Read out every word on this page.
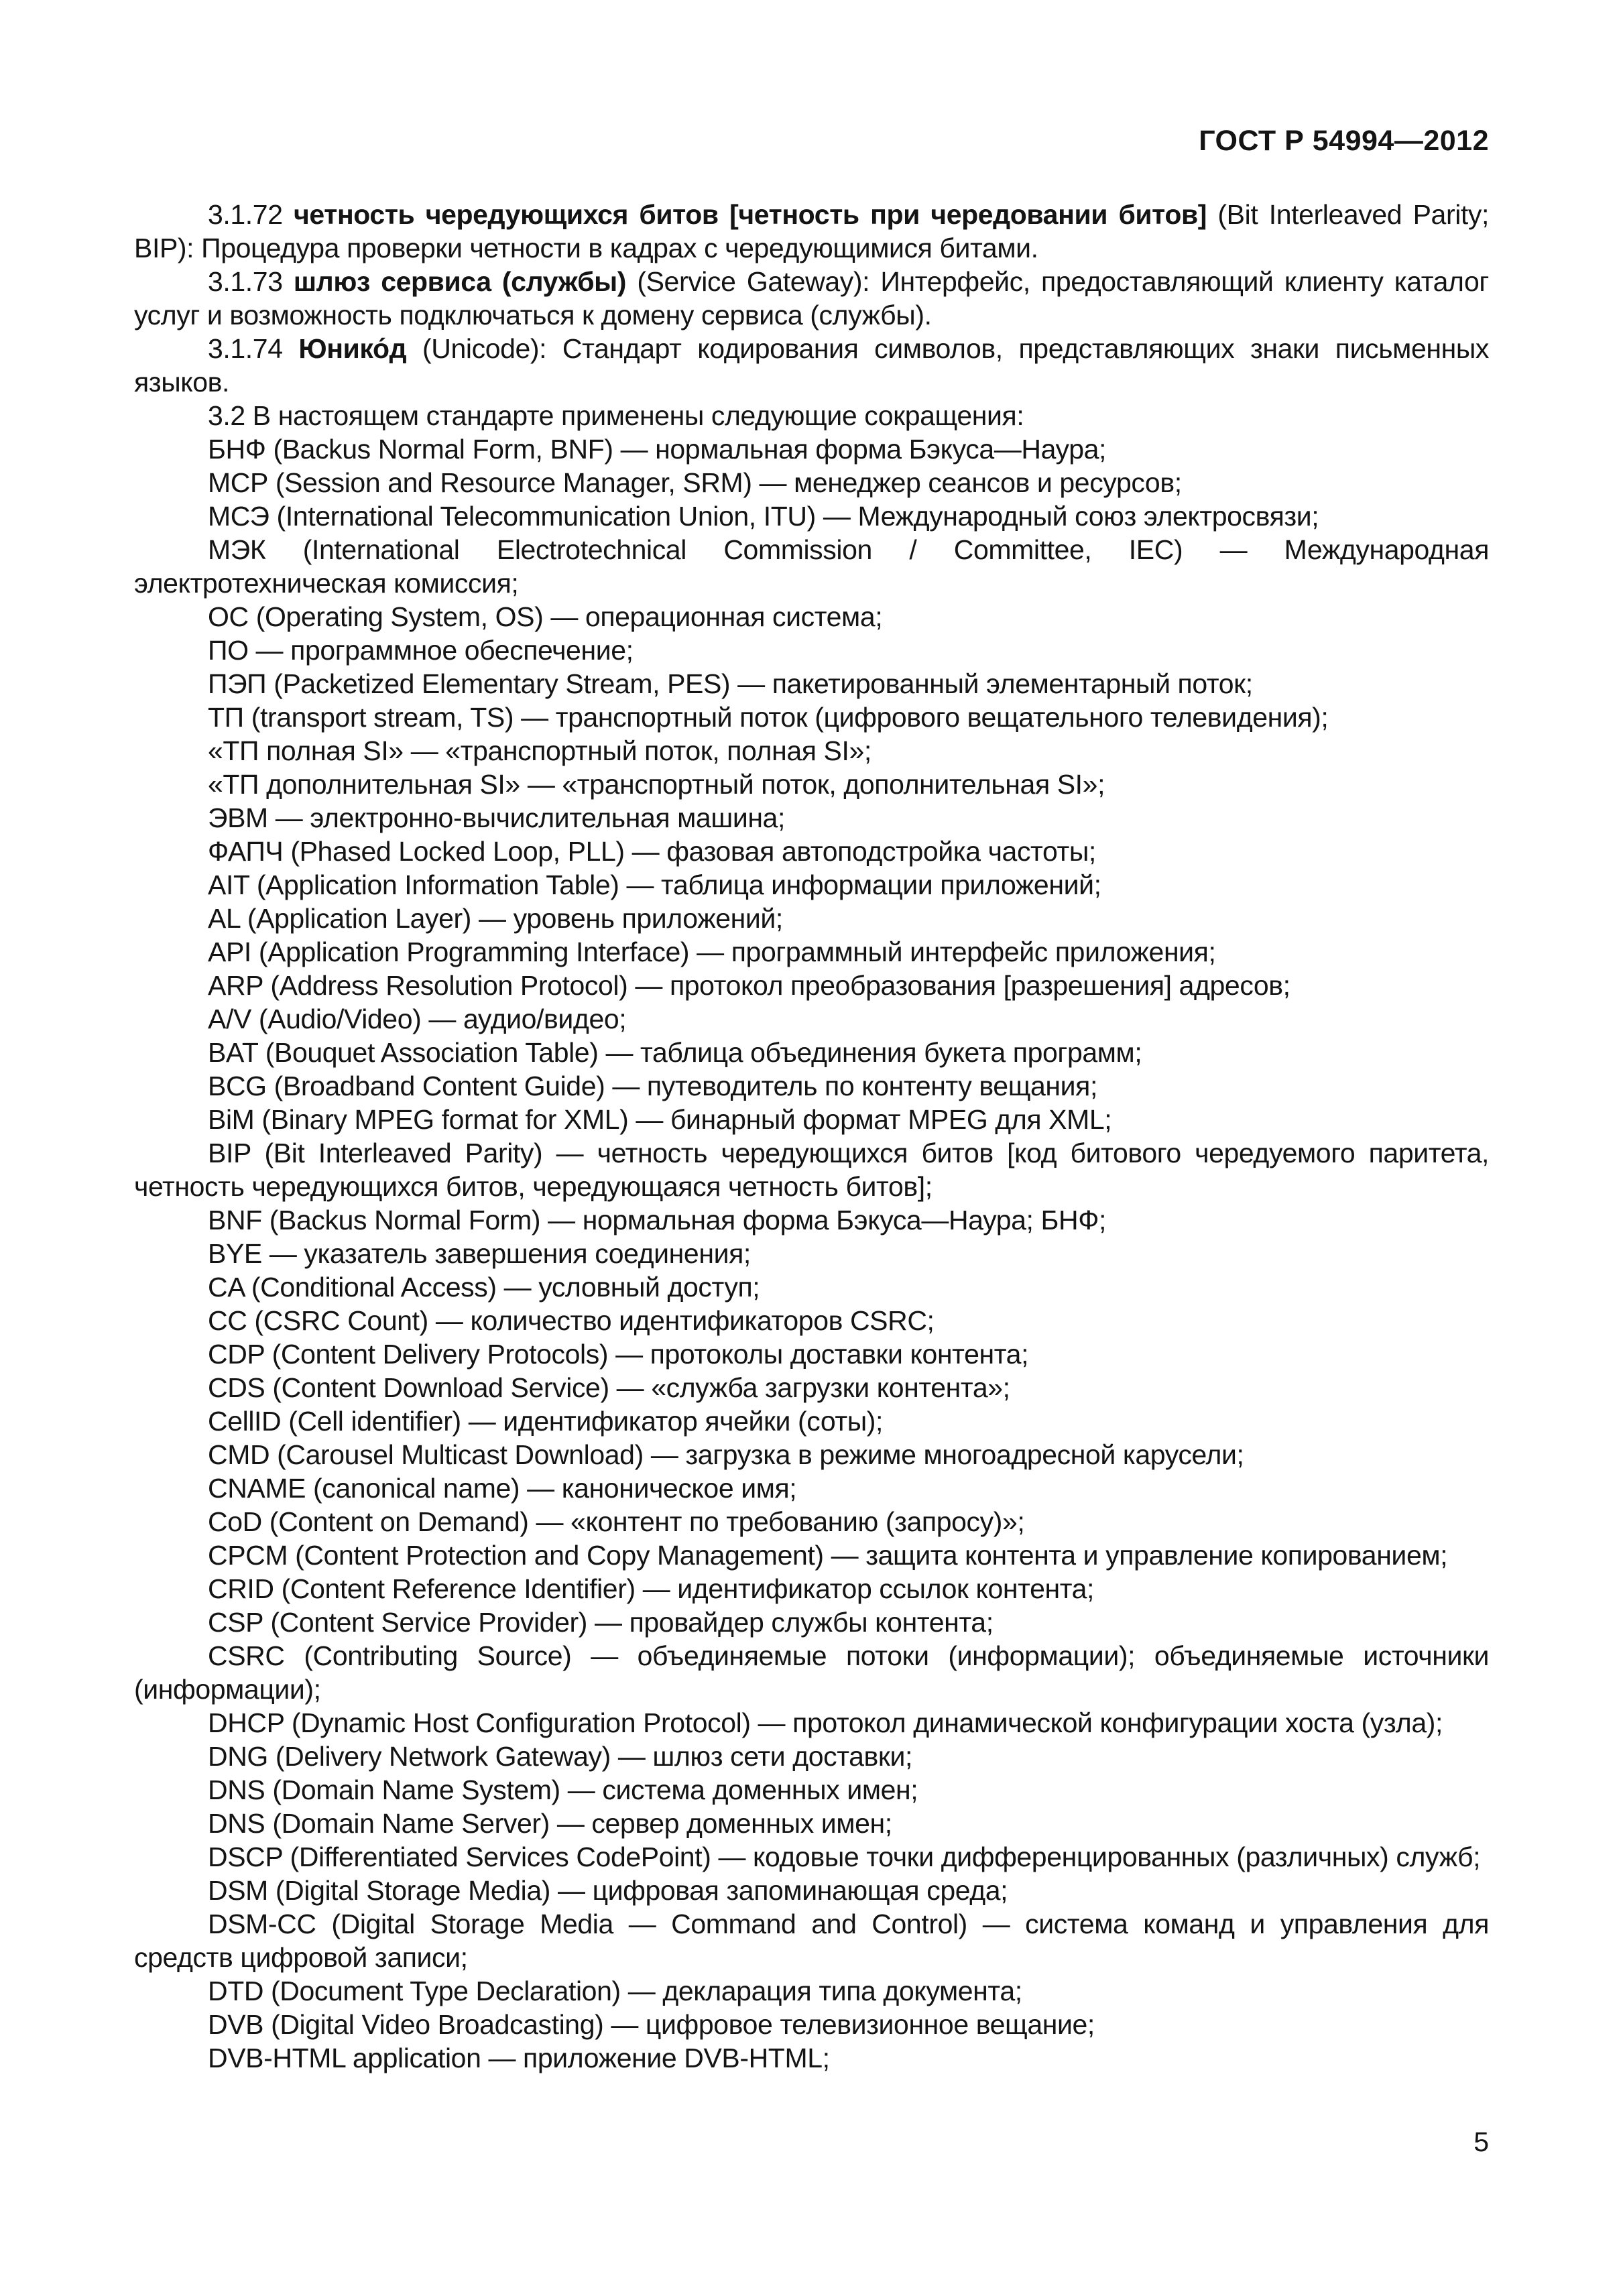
ГОСТ Р 54994—2012

3.1.72 четность чередующихся битов [четность при чередовании битов] (Bit Interleaved Parity; BIP): Процедура проверки четности в кадрах с чередующимися битами.

3.1.73 шлюз сервиса (службы) (Service Gateway): Интерфейс, предоставляющий клиенту каталог услуг и возможность подключаться к домену сервиса (службы).

3.1.74 Юнико́д (Unicode): Стандарт кодирования символов, представляющих знаки письменных языков.

3.2 В настоящем стандарте применены следующие сокращения:

БНФ (Backus Normal Form, BNF) — нормальная форма Бэкуса—Наура;

МСР (Session and Resource Manager, SRM) — менеджер сеансов и ресурсов;

МСЭ (International Telecommunication Union, ITU) — Международный союз электросвязи;

МЭК (International Electrotechnical Commission / Committee, IEC) — Международная электротехническая комиссия;

ОС (Operating System, OS) — операционная система;

ПО — программное обеспечение;

ПЭП (Packetized Elementary Stream, PES) — пакетированный элементарный поток;

ТП (transport stream, TS) — транспортный поток (цифрового вещательного телевидения);

«ТП полная SI» — «транспортный поток, полная SI»;

«ТП дополнительная SI» — «транспортный поток, дополнительная SI»;

ЭВМ — электронно-вычислительная машина;

ФАПЧ (Phased Locked Loop, PLL) — фазовая автоподстройка частоты;

AIT (Application Information Table) — таблица информации приложений;

AL (Application Layer) — уровень приложений;

API (Application Programming Interface) — программный интерфейс приложения;

ARP (Address Resolution Protocol) — протокол преобразования [разрешения] адресов;

A/V (Audio/Video) — аудио/видео;

BAT (Bouquet Association Table) — таблица объединения букета программ;

BCG (Broadband Content Guide) — путеводитель по контенту вещания;

BiM (Binary MPEG format for XML) — бинарный формат MPEG для XML;

BIP (Bit Interleaved Parity) — четность чередующихся битов [код битового чередуемого паритета, четность чередующихся битов, чередующаяся четность битов];

BNF (Backus Normal Form) — нормальная форма Бэкуса—Наура; БНФ;

BYE — указатель завершения соединения;

CA (Conditional Access) — условный доступ;

CC (CSRC Count) — количество идентификаторов CSRC;

CDP (Content Delivery Protocols) — протоколы доставки контента;

CDS (Content Download Service) — «служба загрузки контента»;

CellID (Cell identifier) — идентификатор ячейки (соты);

CMD (Carousel Multicast Download) — загрузка в режиме многоадресной карусели;

CNAME (canonical name) — каноническое имя;

CoD (Content on Demand) — «контент по требованию (запросу)»;

CPCM (Content Protection and Copy Management) — защита контента и управление копированием;

CRID (Content Reference Identifier) — идентификатор ссылок контента;

CSP (Content Service Provider) — провайдер службы контента;

CSRC (Contributing Source) — объединяемые потоки (информации); объединяемые источники (информации);

DHCP (Dynamic Host Configuration Protocol) — протокол динамической конфигурации хоста (узла);

DNG (Delivery Network Gateway) — шлюз сети доставки;

DNS (Domain Name System) — система доменных имен;

DNS (Domain Name Server) — сервер доменных имен;

DSCP (Differentiated Services CodePoint) — кодовые точки дифференцированных (различных) служб;

DSM (Digital Storage Media) — цифровая запоминающая среда;

DSM-CC (Digital Storage Media — Command and Control) — система команд и управления для средств цифровой записи;

DTD (Document Type Declaration) — декларация типа документа;

DVB (Digital Video Broadcasting) — цифровое телевизионное вещание;

DVB-HTML application — приложение DVB-HTML;

5
